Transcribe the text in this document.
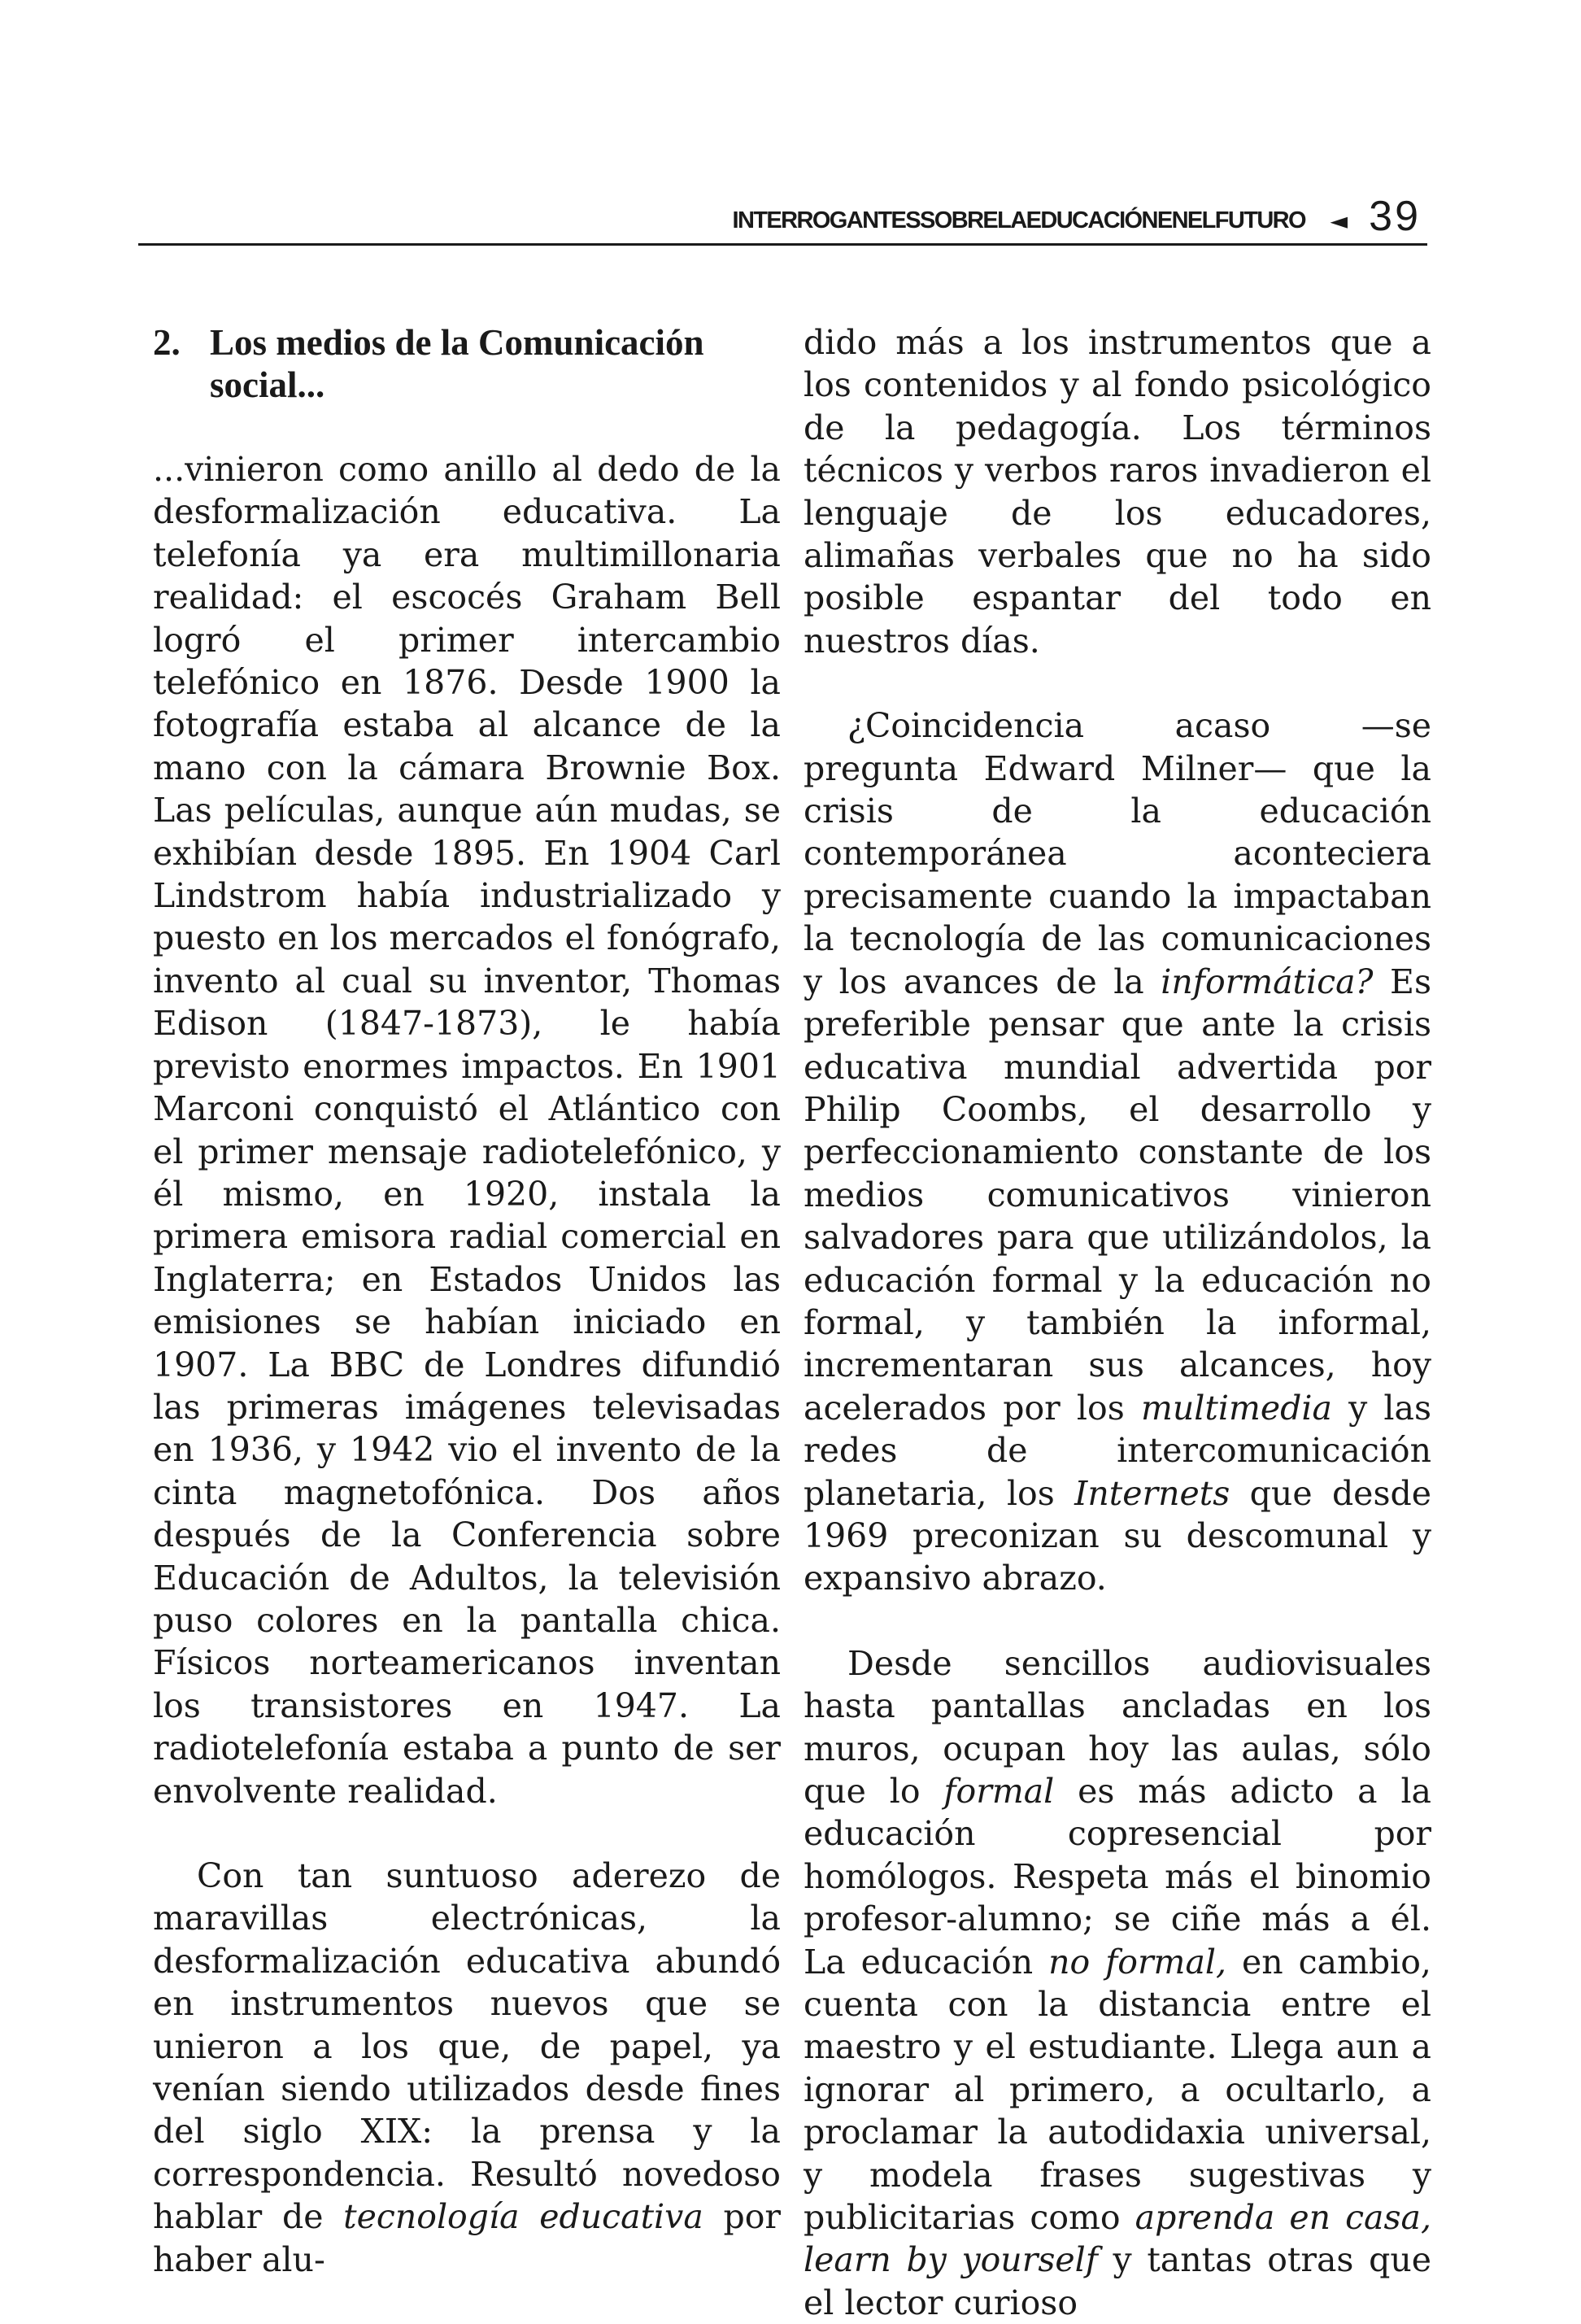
INTERROGANTESSOBRELAEDUCACIÓNENELFUTURO ◄ 39
2. Los medios de la Comunicación social...

...vinieron como anillo al dedo de la desformalización educativa. La telefonía ya era multimillonaria realidad: el escocés Graham Bell logró el primer intercambio telefónico en 1876. Desde 1900 la fotografía estaba al alcance de la mano con la cámara Brownie Box. Las películas, aunque aún mudas, se exhibían desde 1895. En 1904 Carl Lindstrom había industrializado y puesto en los mercados el fonógrafo, invento al cual su inventor, Thomas Edison (1847-1873), le había previsto enormes impactos. En 1901 Marconi conquistó el Atlántico con el primer mensaje radiotelefónico, y él mismo, en 1920, instala la primera emisora radial comercial en Inglaterra; en Estados Unidos las emisiones se habían iniciado en 1907. La BBC de Londres difundió las primeras imágenes televisadas en 1936, y 1942 vio el invento de la cinta magnetofónica. Dos años después de la Conferencia sobre Educación de Adultos, la televisión puso colores en la pantalla chica. Físicos norteamericanos inventan los transistores en 1947. La radiotelefonía estaba a punto de ser envolvente realidad.

Con tan suntuoso aderezo de maravillas electrónicas, la desformalización educativa abundó en instrumentos nuevos que se unieron a los que, de papel, ya venían siendo utilizados desde fines del siglo XIX: la prensa y la correspondencia. Resultó novedoso hablar de tecnología educativa por haber alu-

dido más a los instrumentos que a los contenidos y al fondo psicológico de la pedagogía. Los términos técnicos y verbos raros invadieron el lenguaje de los educadores, alimañas verbales que no ha sido posible espantar del todo en nuestros días.

¿Coincidencia acaso —se pregunta Edward Milner— que la crisis de la educación contemporánea aconteciera precisamente cuando la impactaban la tecnología de las comunicaciones y los avances de la informática? Es preferible pensar que ante la crisis educativa mundial advertida por Philip Coombs, el desarrollo y perfeccionamiento constante de los medios comunicativos vinieron salvadores para que utilizándolos, la educación formal y la educación no formal, y también la informal, incrementaran sus alcances, hoy acelerados por los multimedia y las redes de intercomunicación planetaria, los Internets que desde 1969 preconizan su descomunal y expansivo abrazo.

Desde sencillos audiovisuales hasta pantallas ancladas en los muros, ocupan hoy las aulas, sólo que lo formal es más adicto a la educación copresencial por homólogos. Respeta más el binomio profesor-alumno; se ciñe más a él. La educación no formal, en cambio, cuenta con la distancia entre el maestro y el estudiante. Llega aun a ignorar al primero, a ocultarlo, a proclamar la autodidaxia universal, y modela frases sugestivas y publicitarias como aprenda en casa, learn by yourself y tantas otras que el lector curioso
